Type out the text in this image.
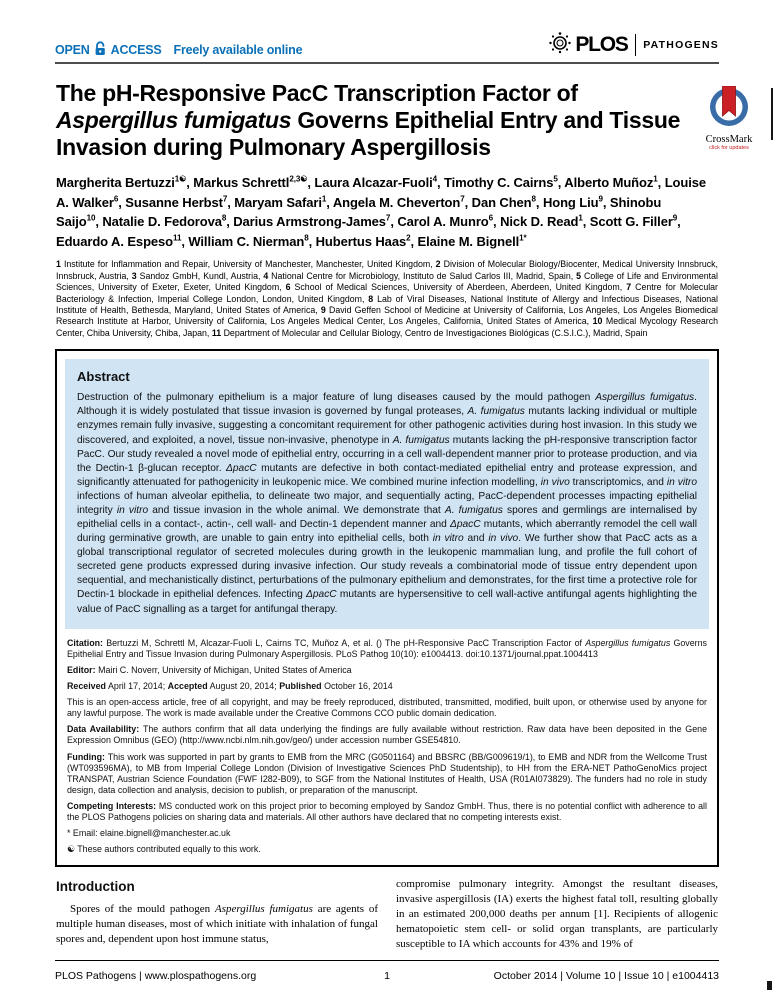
OPEN ACCESS Freely available online	PLOS PATHOGENS
The pH-Responsive PacC Transcription Factor of Aspergillus fumigatus Governs Epithelial Entry and Tissue Invasion during Pulmonary Aspergillosis	CrossMark
click for updates

Margherita Bertuzzi$^{1☯}$, Markus Schrettl$^{2,3☯}$, Laura Alcazar-Fuoli$^4$, Timothy C. Cairns$^5$, Alberto Muñoz$^1$, Louise A. Walker$^6$, Susanne Herbst$^7$, Maryam Safari$^1$, Angela M. Cheverton$^7$, Dan Chen$^8$, Hong Liu$^9$, Shinobu Saijo$^{10}$, Natalie D. Fedorova$^8$, Darius Armstrong-James$^7$, Carol A. Munro$^6$, Nick D. Read$^1$, Scott G. Filler$^9$, Eduardo A. Espeso$^{11}$, William C. Nierman$^8$, Hubertus Haas$^2$, Elaine M. Bignell$^{1*}$

1 Institute for Inflammation and Repair, University of Manchester, Manchester, United Kingdom, 2 Division of Molecular Biology/Biocenter, Medical University Innsbruck, Innsbruck, Austria, 3 Sandoz GmbH, Kundl, Austria, 4 National Centre for Microbiology, Instituto de Salud Carlos III, Madrid, Spain, 5 College of Life and Environmental Sciences, University of Exeter, Exeter, United Kingdom, 6 School of Medical Sciences, University of Aberdeen, Aberdeen, United Kingdom, 7 Centre for Molecular Bacteriology & Infection, Imperial College London, London, United Kingdom, 8 Lab of Viral Diseases, National Institute of Allergy and Infectious Diseases, National Institute of Health, Bethesda, Maryland, United States of America, 9 David Geffen School of Medicine at University of California, Los Angeles, Los Angeles Biomedical Research Institute at Harbor, University of California, Los Angeles Medical Center, Los Angeles, California, United States of America, 10 Medical Mycology Research Center, Chiba University, Chiba, Japan, 11 Department of Molecular and Cellular Biology, Centro de Investigaciones Biológicas (C.S.I.C.), Madrid, Spain

Abstract
Destruction of the pulmonary epithelium is a major feature of lung diseases caused by the mould pathogen Aspergillus fumigatus. Although it is widely postulated that tissue invasion is governed by fungal proteases, A. fumigatus mutants lacking individual or multiple enzymes remain fully invasive, suggesting a concomitant requirement for other pathogenic activities during host invasion. In this study we discovered, and exploited, a novel, tissue non-invasive, phenotype in A. fumigatus mutants lacking the pH-responsive transcription factor PacC. Our study revealed a novel mode of epithelial entry, occurring in a cell wall-dependent manner prior to protease production, and via the Dectin-1 β-glucan receptor. ΔpacC mutants are defective in both contact-mediated epithelial entry and protease expression, and significantly attenuated for pathogenicity in leukopenic mice. We combined murine infection modelling, in vivo transcriptomics, and in vitro infections of human alveolar epithelia, to delineate two major, and sequentially acting, PacC-dependent processes impacting epithelial integrity in vitro and tissue invasion in the whole animal. We demonstrate that A. fumigatus spores and germlings are internalised by epithelial cells in a contact-, actin-, cell wall- and Dectin-1 dependent manner and ΔpacC mutants, which aberrantly remodel the cell wall during germinative growth, are unable to gain entry into epithelial cells, both in vitro and in vivo. We further show that PacC acts as a global transcriptional regulator of secreted molecules during growth in the leukopenic mammalian lung, and profile the full cohort of secreted gene products expressed during invasive infection. Our study reveals a combinatorial mode of tissue entry dependent upon sequential, and mechanistically distinct, perturbations of the pulmonary epithelium and demonstrates, for the first time a protective role for Dectin-1 blockade in epithelial defences. Infecting ΔpacC mutants are hypersensitive to cell wall-active antifungal agents highlighting the value of PacC signalling as a target for antifungal therapy.

Citation: Bertuzzi M, Schrettl M, Alcazar-Fuoli L, Cairns TC, Muñoz A, et al. () The pH-Responsive PacC Transcription Factor of Aspergillus fumigatus Governs Epithelial Entry and Tissue Invasion during Pulmonary Aspergillosis. PLoS Pathog 10(10): e1004413. doi:10.1371/journal.ppat.1004413

Editor: Mairi C. Noverr, University of Michigan, United States of America

Received April 17, 2014; Accepted August 20, 2014; Published October 16, 2014

This is an open-access article, free of all copyright, and may be freely reproduced, distributed, transmitted, modified, built upon, or otherwise used by anyone for any lawful purpose. The work is made available under the Creative Commons CCO public domain dedication.

Data Availability: The authors confirm that all data underlying the findings are fully available without restriction. Raw data have been deposited in the Gene Expression Omnibus (GEO) (http://www.ncbi.nlm.nih.gov/geo/) under accession number GSE54810.

Funding: This work was supported in part by grants to EMB from the MRC (G0501164) and BBSRC (BB/G009619/1), to EMB and NDR from the Wellcome Trust (WT093596MA), to MB from Imperial College London (Division of Investigative Sciences PhD Studentship), to HH from the ERA-NET PathoGenoMics project TRANSPAT, Austrian Science Foundation (FWF I282-B09), to SGF from the National Institutes of Health, USA (R01AI073829). The funders had no role in study design, data collection and analysis, decision to publish, or preparation of the manuscript.

Competing Interests: MS conducted work on this project prior to becoming employed by Sandoz GmbH. Thus, there is no potential conflict with adherence to all the PLOS Pathogens policies on sharing data and materials. All other authors have declared that no competing interests exist.

* Email: elaine.bignell@manchester.ac.uk

☯ These authors contributed equally to this work.

Introduction

Spores of the mould pathogen Aspergillus fumigatus are agents of multiple human diseases, most of which initiate with inhalation of fungal spores and, dependent upon host immune status,

compromise pulmonary integrity. Amongst the resultant diseases, invasive aspergillosis (IA) exerts the highest fatal toll, resulting globally in an estimated 200,000 deaths per annum [1]. Recipients of allogenic hematopoietic stem cell- or solid organ transplants, are particularly susceptible to IA which accounts for 43% and 19% of

PLOS Pathogens | www.plospathogens.org	1	October 2014 | Volume 10 | Issue 10 | e1004413
